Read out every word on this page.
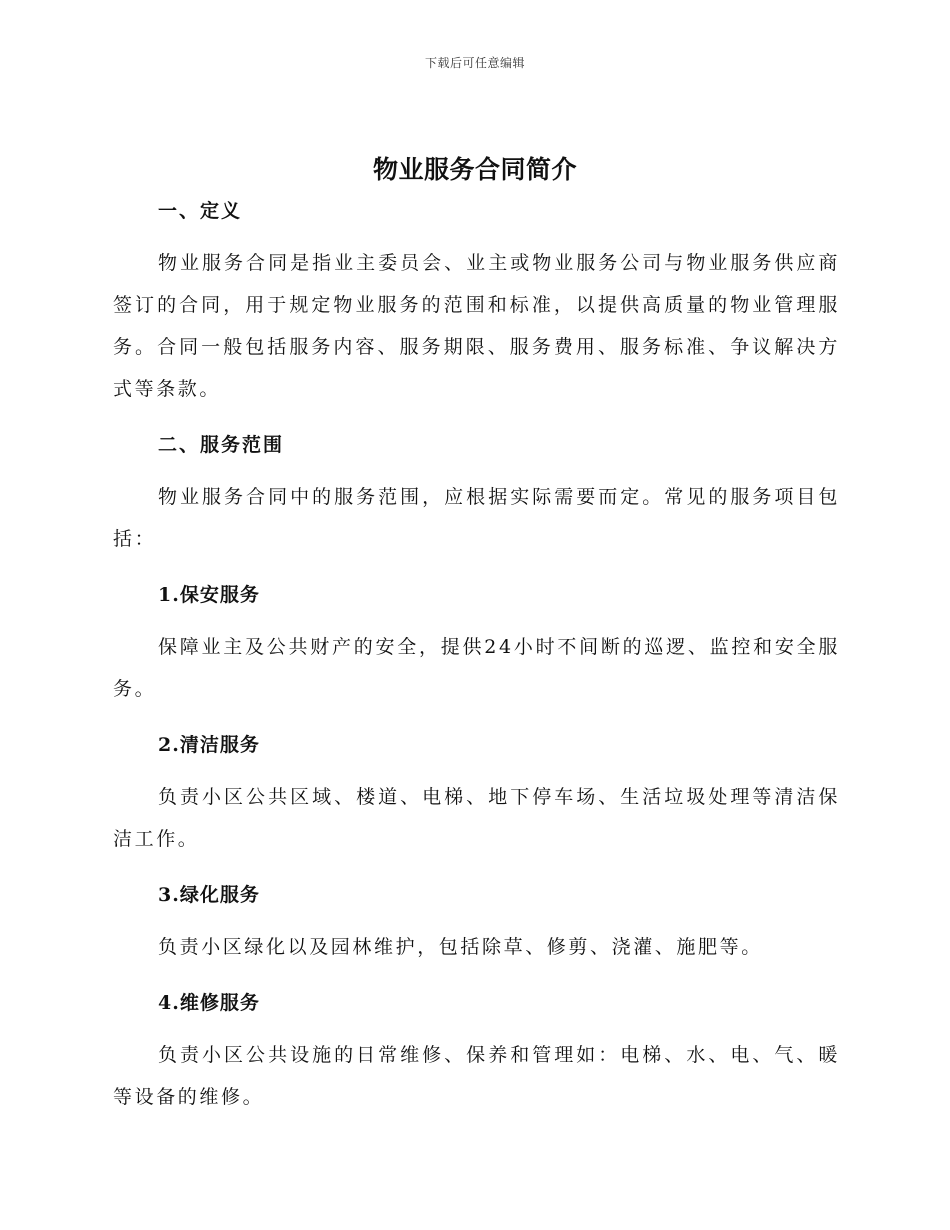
下载后可任意编辑
物业服务合同简介
一、定义

物业服务合同是指业主委员会、业主或物业服务公司与物业服务供应商签订的合同，用于规定物业服务的范围和标准，以提供高质量的物业管理服务。合同一般包括服务内容、服务期限、服务费用、服务标准、争议解决方式等条款。

二、服务范围

物业服务合同中的服务范围，应根据实际需要而定。常见的服务项目包括：

1.保安服务

保障业主及公共财产的安全，提供24小时不间断的巡逻、监控和安全服务。

2.清洁服务

负责小区公共区域、楼道、电梯、地下停车场、生活垃圾处理等清洁保洁工作。

3.绿化服务

负责小区绿化以及园林维护，包括除草、修剪、浇灌、施肥等。

4.维修服务

负责小区公共设施的日常维修、保养和管理如：电梯、水、电、气、暖等设备的维修。
